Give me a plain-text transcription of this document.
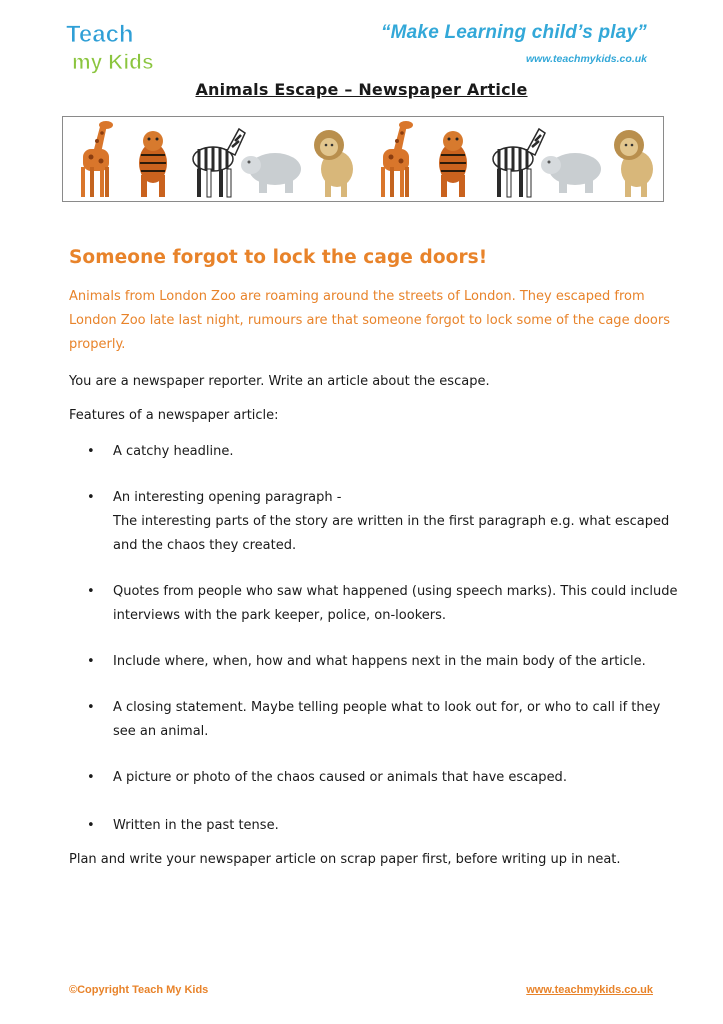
Teach
my Kids
“Make Learning child’s play”
www.teachmykids.co.uk
Animals Escape – Newspaper Article
Someone forgot to lock the cage doors!

Animals from London Zoo are roaming around the streets of London. They escaped from London Zoo late last night, rumours are that someone forgot to lock some of the cage doors properly.

You are a newspaper reporter. Write an article about the escape.

Features of a newspaper article:

• A catchy headline.
• An interesting opening paragraph -
The interesting parts of the story are written in the first paragraph e.g. what escaped and the chaos they created.
• Quotes from people who saw what happened (using speech marks). This could include interviews with the park keeper, police, on-lookers.
• Include where, when, how and what happens next in the main body of the article.
• A closing statement. Maybe telling people what to look out for, or who to call if they see an animal.
• A picture or photo of the chaos caused or animals that have escaped.
• Written in the past tense.

Plan and write your newspaper article on scrap paper first, before writing up in neat.

©Copyright Teach My Kids	www.teachmykids.co.uk
